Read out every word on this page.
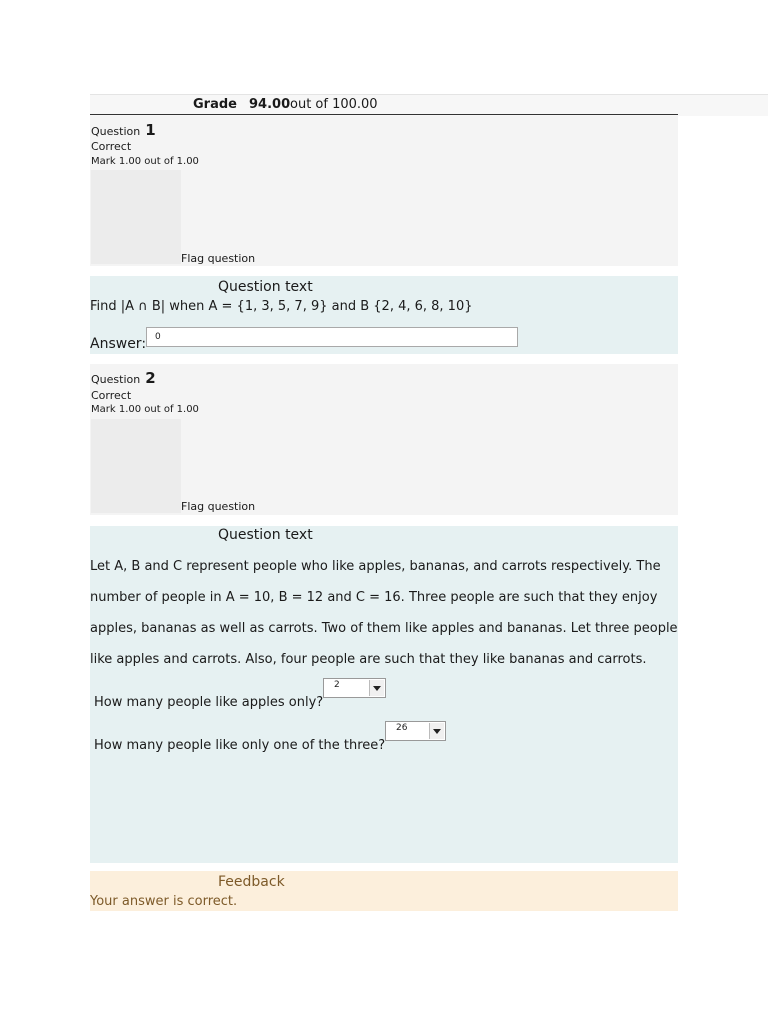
Grade 94.00 out of 100.00
Question 1
Correct
Mark 1.00 out of 1.00
Flag question
Question text
Find |A ∩ B| when A = {1, 3, 5, 7, 9} and B {2, 4, 6, 8, 10}
Answer:
0
Question 2
Correct
Mark 1.00 out of 1.00
Flag question
Question text
Let A, B and C represent people who like apples, bananas, and carrots respectively. The
number of people in A = 10, B = 12 and C = 16. Three people are such that they enjoy
apples, bananas as well as carrots. Two of them like apples and bananas. Let three people
like apples and carrots. Also, four people are such that they like bananas and carrots.
How many people like apples only?
2
How many people like only one of the three?
26
Feedback
Your answer is correct.
